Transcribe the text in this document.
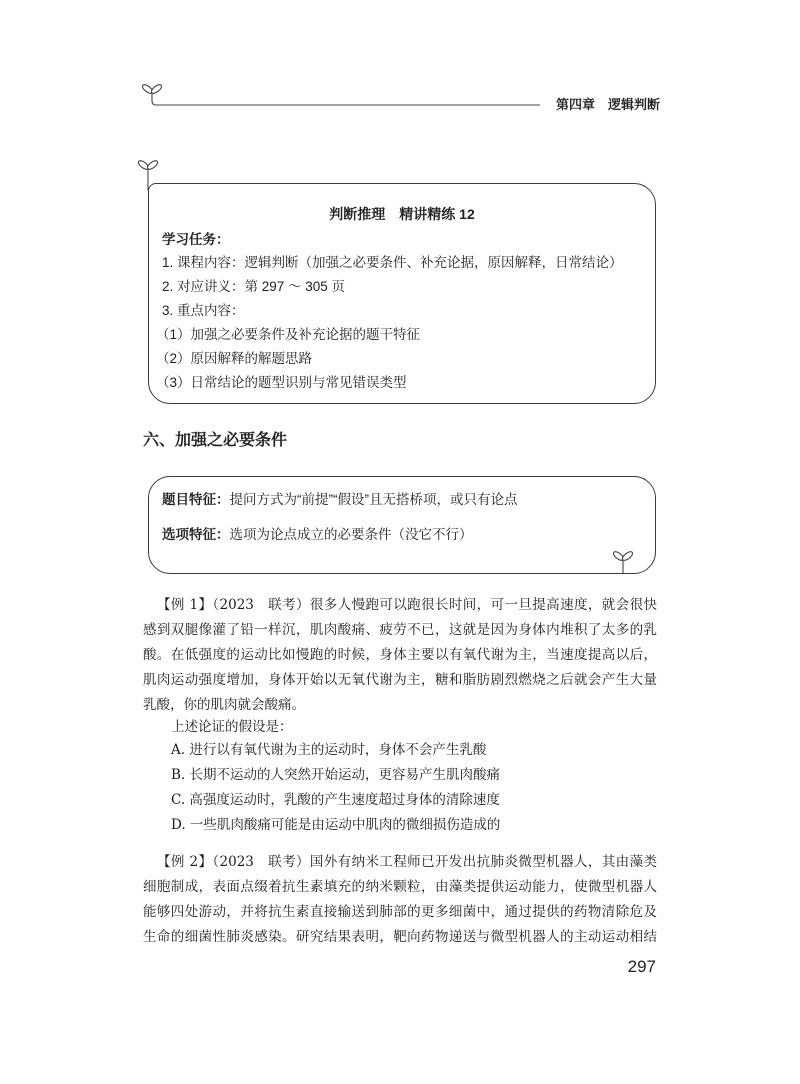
第四章　逻辑判断
判断推理　精讲精练 12
学习任务：
1. 课程内容：逻辑判断（加强之必要条件、补充论据，原因解释，日常结论）
2. 对应讲义：第 297 ～ 305 页
3. 重点内容：
（1）加强之必要条件及补充论据的题干特征
（2）原因解释的解题思路
（3）日常结论的题型识别与常见错误类型
六、加强之必要条件
题目特征：提问方式为“前提”“假设”且无搭桥项，或只有论点
选项特征：选项为论点成立的必要条件（没它不行）
【例 1】（2023　联考）很多人慢跑可以跑很长时间，可一旦提高速度，就会很快
感到双腿像灌了铅一样沉，肌肉酸痛、疲劳不已，这就是因为身体内堆积了太多的乳
酸。在低强度的运动比如慢跑的时候，身体主要以有氧代谢为主，当速度提高以后，
肌肉运动强度增加，身体开始以无氧代谢为主，糖和脂肪剧烈燃烧之后就会产生大量
乳酸，你的肌肉就会酸痛。
上述论证的假设是：
A. 进行以有氧代谢为主的运动时，身体不会产生乳酸
B. 长期不运动的人突然开始运动，更容易产生肌肉酸痛
C. 高强度运动时，乳酸的产生速度超过身体的清除速度
D. 一些肌肉酸痛可能是由运动中肌肉的微细损伤造成的
【例 2】（2023　联考）国外有纳米工程师已开发出抗肺炎微型机器人，其由藻类
细胞制成，表面点缀着抗生素填充的纳米颗粒，由藻类提供运动能力，使微型机器人
能够四处游动，并将抗生素直接输送到肺部的更多细菌中，通过提供的药物清除危及
生命的细菌性肺炎感染。研究结果表明，靶向药物递送与微型机器人的主动运动相结
297
